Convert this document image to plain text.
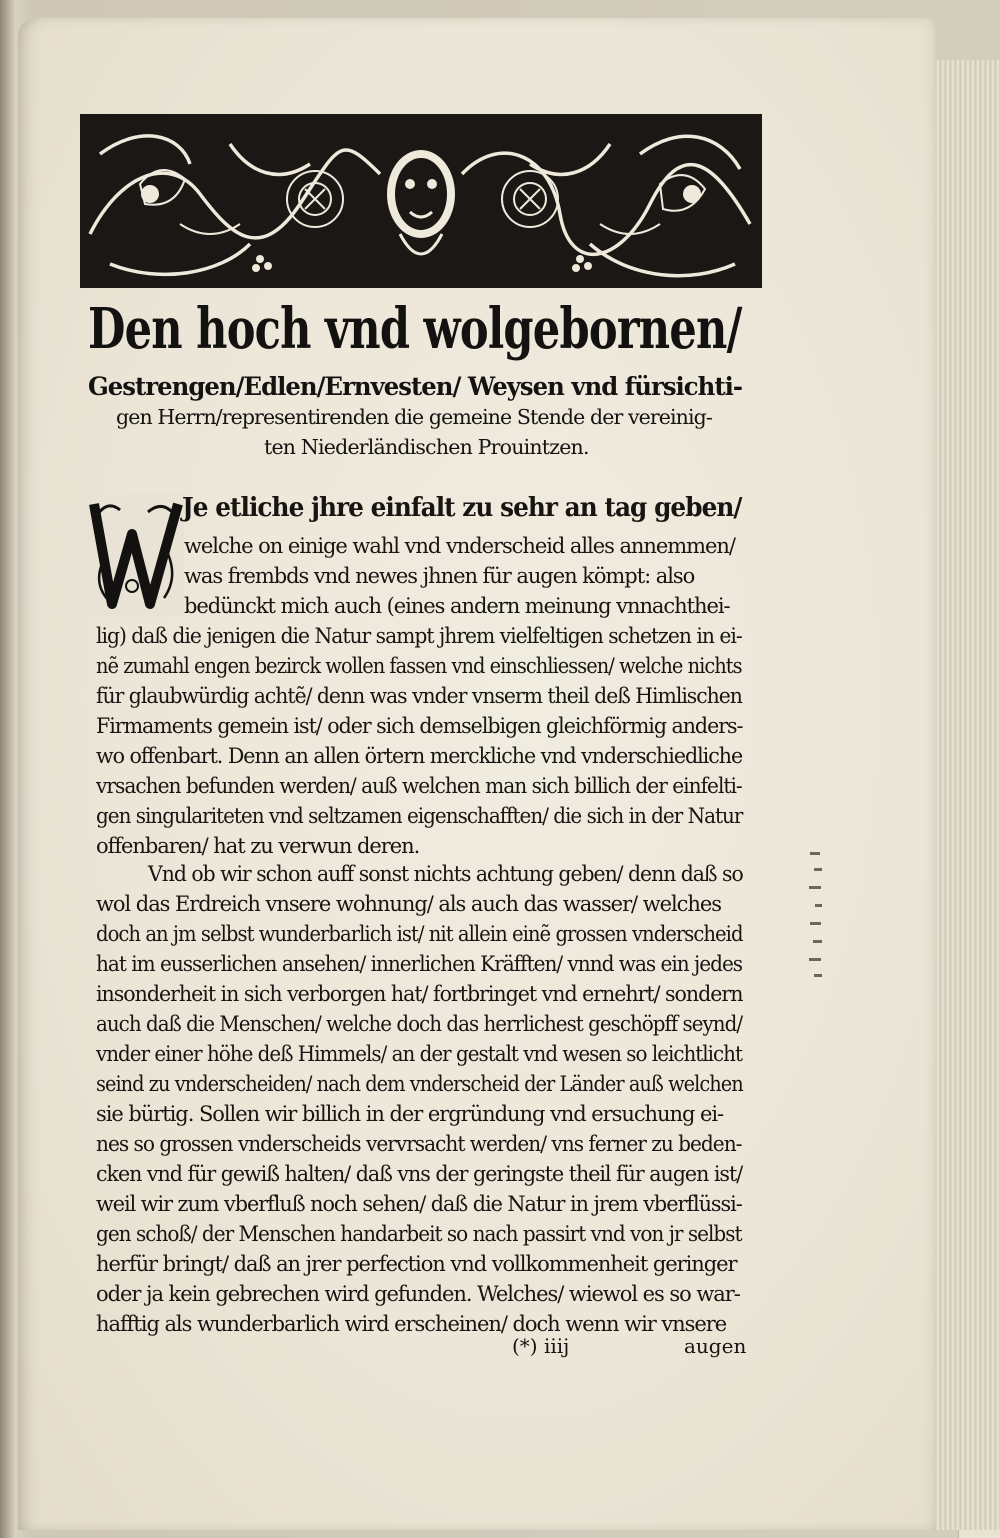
Den hoch vnd wolgebornen/

Gestrengen/Edlen/Ernvesten/ Weysen vnd fürsichti-

gen Herrn/representirenden die gemeine Stende der vereinig-

ten Niederländischen Prouintzen.

Je etliche jhre einfalt zu sehr an tag geben/

welche on einige wahl vnd vnderscheid alles annemmen/

was frembds vnd newes jhnen für augen kömpt: also

bedünckt mich auch (eines andern meinung vnnachthei-

lig) daß die jenigen die Natur sampt jhrem vielfeltigen schetzen in ei-

nẽ zumahl engen bezirck wollen fassen vnd einschliessen/ welche nichts

für glaubwürdig achtẽ/ denn was vnder vnserm theil deß Himlischen

Firmaments gemein ist/ oder sich demselbigen gleichförmig anders-

wo offenbart. Denn an allen örtern merckliche vnd vnderschiedliche

vrsachen befunden werden/ auß welchen man sich billich der einfelti-

gen singulariteten vnd seltzamen eigenschafften/ die sich in der Natur

offenbaren/ hat zu verwun deren.

Vnd ob wir schon auff sonst nichts achtung geben/ denn daß so

wol das Erdreich vnsere wohnung/ als auch das wasser/ welches

doch an jm selbst wunderbarlich ist/ nit allein einẽ grossen vnderscheid

hat im eusserlichen ansehen/ innerlichen Kräfften/ vnnd was ein jedes

insonderheit in sich verborgen hat/ fortbringet vnd ernehrt/ sondern

auch daß die Menschen/ welche doch das herrlichest geschöpff seynd/

vnder einer höhe deß Himmels/ an der gestalt vnd wesen so leichtlicht

seind zu vnderscheiden/ nach dem vnderscheid der Länder auß welchen

sie bürtig. Sollen wir billich in der ergründung vnd ersuchung ei-

nes so grossen vnderscheids vervrsacht werden/ vns ferner zu beden-

cken vnd für gewiß halten/ daß vns der geringste theil für augen ist/

weil wir zum vberfluß noch sehen/ daß die Natur in jrem vberflüssi-

gen schoß/ der Menschen handarbeit so nach passirt vnd von jr selbst

herfür bringt/ daß an jrer perfection vnd vollkommenheit geringer

oder ja kein gebrechen wird gefunden. Welches/ wiewol es so war-

hafftig als wunderbarlich wird erscheinen/ doch wenn wir vnsere

(*) iiij	augen
